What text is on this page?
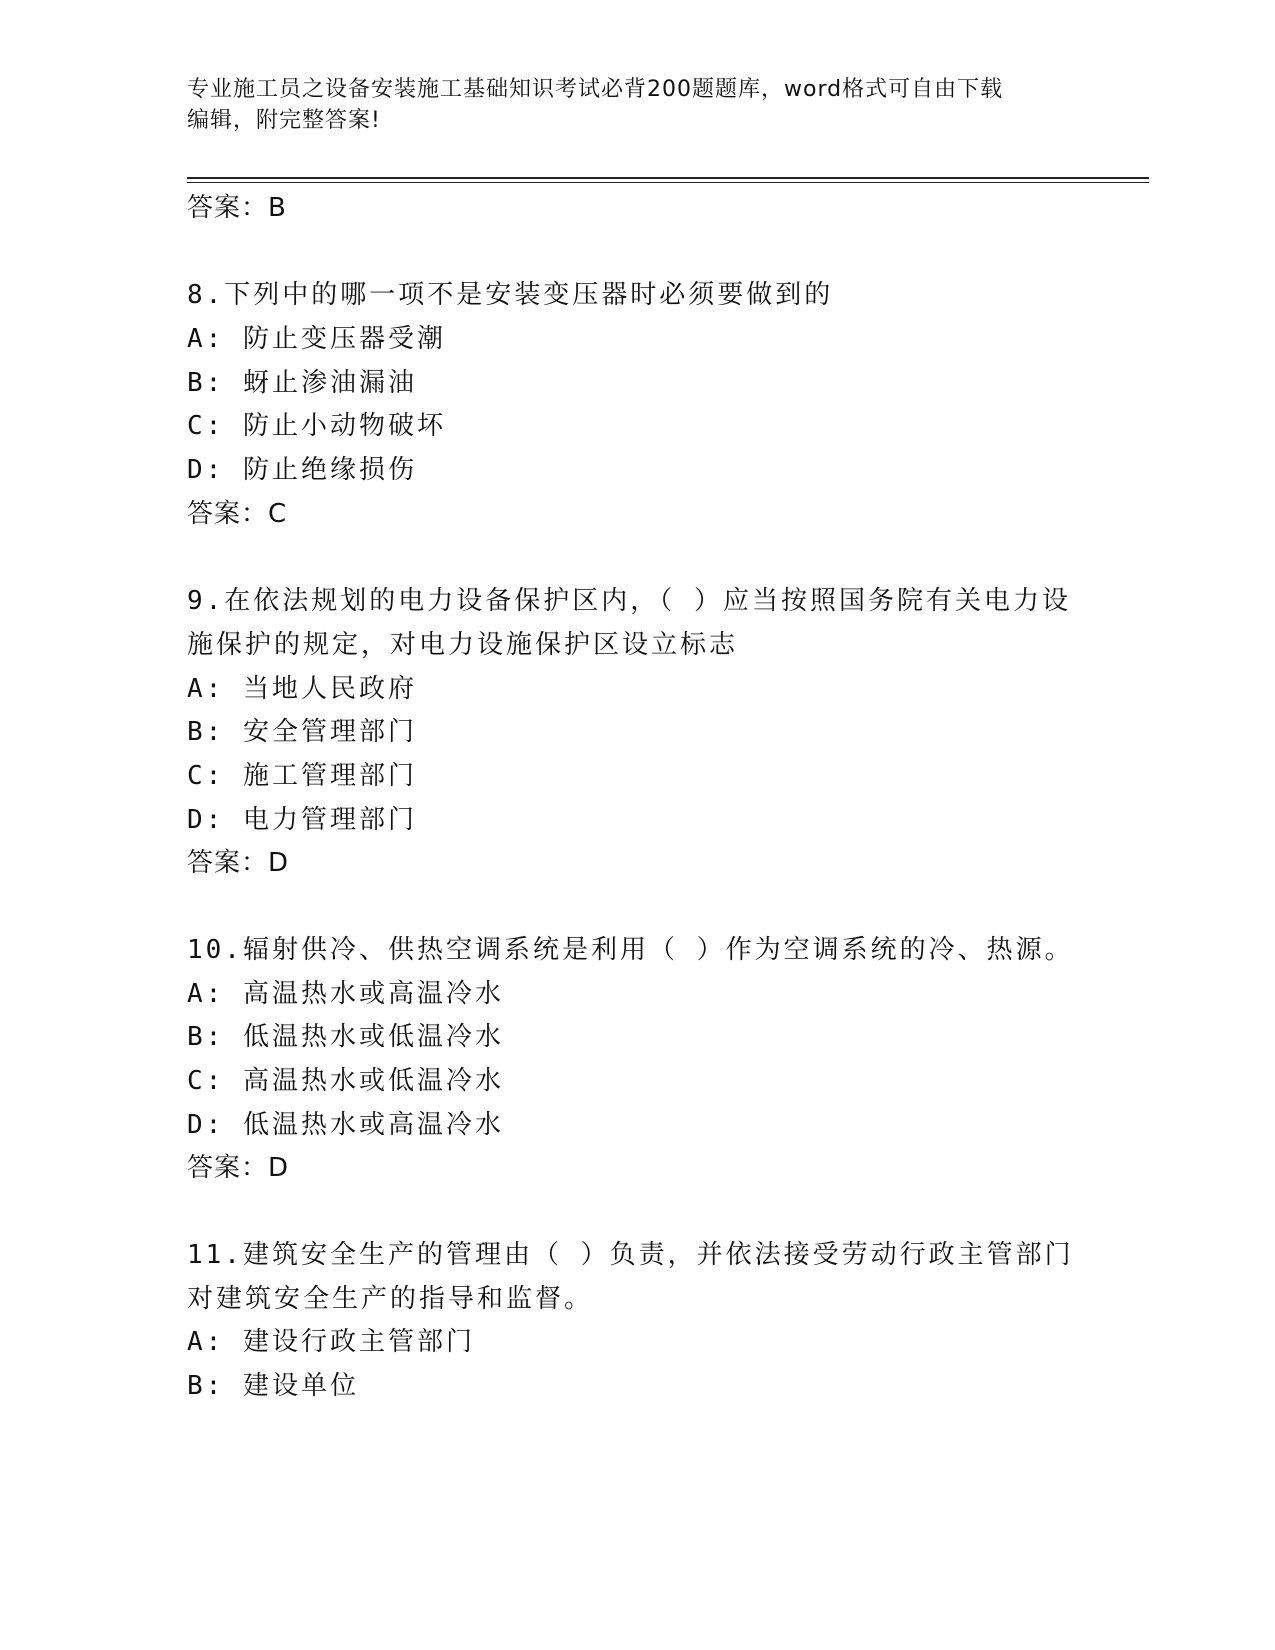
专业施工员之设备安装施工基础知识考试必背200题题库，word格式可自由下载
编辑，附完整答案!
答案：B
8.下列中的哪一项不是安装变压器时必须要做到的
A: 防止变压器受潮
B: 蚜止渗油漏油
C: 防止小动物破坏
D: 防止绝缘损伤
答案：C
9.在依法规划的电力设备保护区内，（ ）应当按照国务院有关电力设
施保护的规定，对电力设施保护区设立标志
A: 当地人民政府
B: 安全管理部门
C: 施工管理部门
D: 电力管理部门
答案：D
10.辐射供冷、供热空调系统是利用（ ）作为空调系统的冷、热源。
A: 高温热水或高温冷水
B: 低温热水或低温冷水
C: 高温热水或低温冷水
D: 低温热水或高温冷水
答案：D
11.建筑安全生产的管理由（ ）负责，并依法接受劳动行政主管部门
对建筑安全生产的指导和监督。
A: 建设行政主管部门
B: 建设单位
